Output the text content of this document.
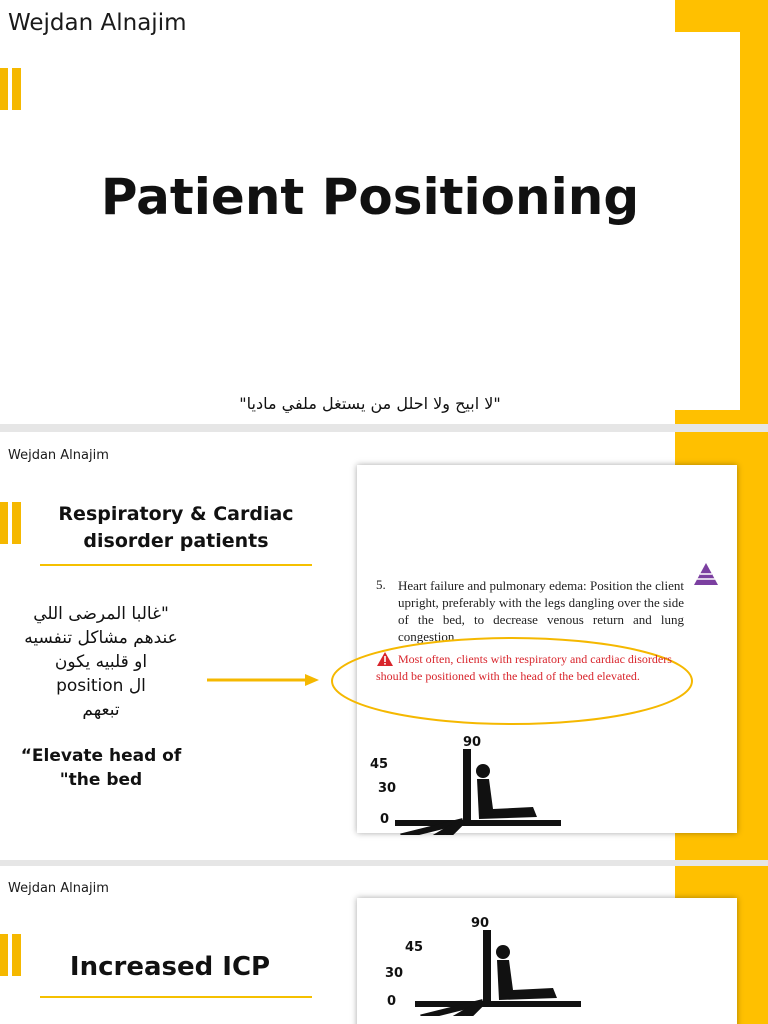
Wejdan Alnajim
Patient Positioning
"لا ابيح ولا احلل من يستغل ملفي ماديا"
Wejdan Alnajim
Respiratory & Cardiac
disorder patients
"غالبا المرضى اللي
عندهم مشاكل تنفسيه
او قلبيه يكون
ال position
تبعهم
“Elevate head of
"the bed
5. Heart failure and pulmonary edema: Position the client upright, preferably with the legs dangling over the side of the bed, to decrease venous return and lung congestion.
Most often, clients with respiratory and cardiac disorders should be positioned with the head of the bed elevated.
90
45
30
0
Wejdan Alnajim
Increased ICP
90
45
30
0
